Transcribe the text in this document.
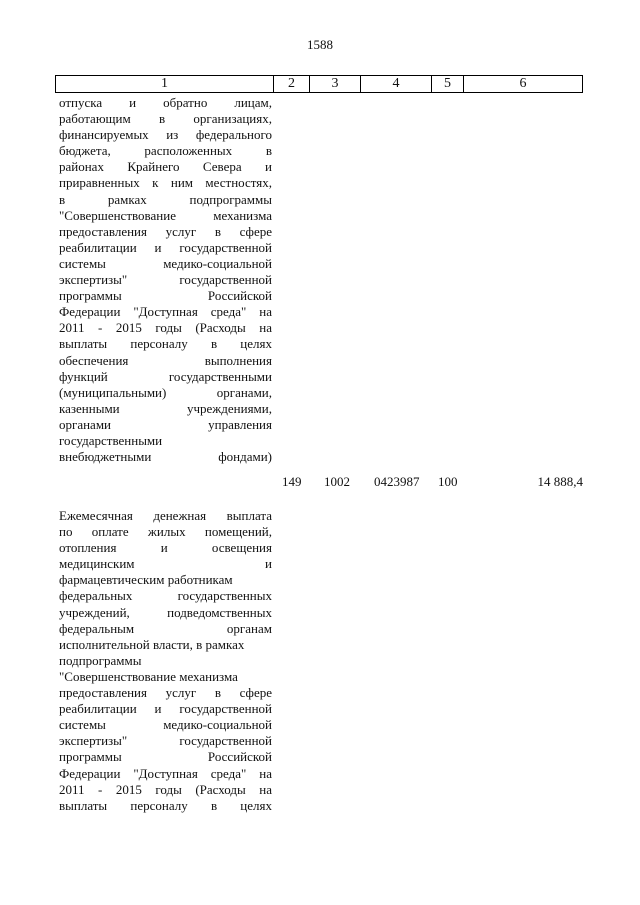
1588
1	2	3	4	5	6
отпуска и обратно лицам,
работающим в организациях,
финансируемых из федерального
бюджета, расположенных в
районах Крайнего Севера и
приравненных к ним местностях,
в рамках подпрограммы
"Совершенствование механизма
предоставления услуг в сфере
реабилитации и государственной
системы медико-социальной
экспертизы" государственной
программы Российской
Федерации "Доступная среда" на
2011 - 2015 годы (Расходы на
выплаты персоналу в целях
обеспечения выполнения
функций государственными
(муниципальными) органами,
казенными учреждениями,
органами управления
государственными
внебюджетными фондами)
149 1002 0423987 100	14 888,4
Ежемесячная денежная выплата
по оплате жилых помещений,
отопления и освещения
медицинским и
фармацевтическим работникам
федеральных государственных
учреждений, подведомственных
федеральным органам
исполнительной власти, в рамках
подпрограммы
"Совершенствование механизма
предоставления услуг в сфере
реабилитации и государственной
системы медико-социальной
экспертизы" государственной
программы Российской
Федерации "Доступная среда" на
2011 - 2015 годы (Расходы на
выплаты персоналу в целях
